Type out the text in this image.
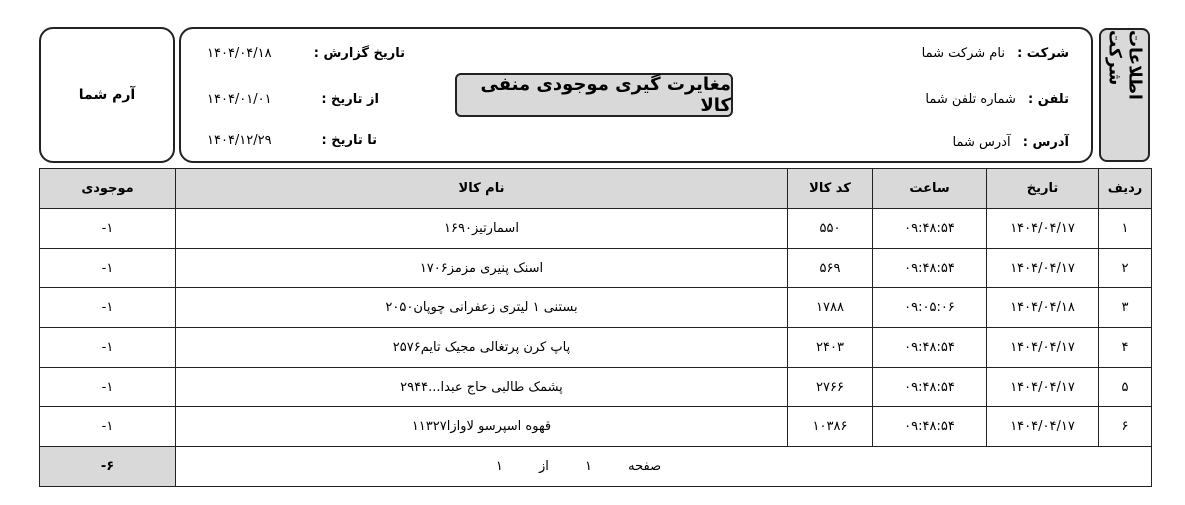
اطلاعات شرکت
شرکت : نام شرکت شما
تلفن : شماره تلفن شما
آدرس : آدرس شما
تاریخ گزارش :
۱۴۰۴/۰۴/۱۸
از تاریخ :
۱۴۰۴/۰۱/۰۱
تا تاریخ :
۱۴۰۴/۱۲/۲۹
مغایرت گیری موجودی منفی کالا
آرم شما
موجودی	نام کالا	کد کالا	ساعت	تاریخ	ردیف
-۱	اسمارتیز۱۶۹۰	۵۵۰	۰۹:۴۸:۵۴	۱۴۰۴/۰۴/۱۷	۱
-۱	اسنک پنیری مزمز۱۷۰۶	۵۶۹	۰۹:۴۸:۵۴	۱۴۰۴/۰۴/۱۷	۲
-۱	بستنی ۱ لیتری زعفرانی چوپان۲۰۵۰	۱۷۸۸	۰۹:۰۵:۰۶	۱۴۰۴/۰۴/۱۸	۳
-۱	پاپ کرن پرتغالی مجیک تایم۲۵۷۶	۲۴۰۳	۰۹:۴۸:۵۴	۱۴۰۴/۰۴/۱۷	۴
-۱	پشمک طالبی حاج عبدا...۲۹۴۴	۲۷۶۶	۰۹:۴۸:۵۴	۱۴۰۴/۰۴/۱۷	۵
-۱	قهوه اسپرسو لاوازا۱۱۳۲۷	۱۰۳۸۶	۰۹:۴۸:۵۴	۱۴۰۴/۰۴/۱۷	۶
-۶	صفحه ۱ از ۱				
